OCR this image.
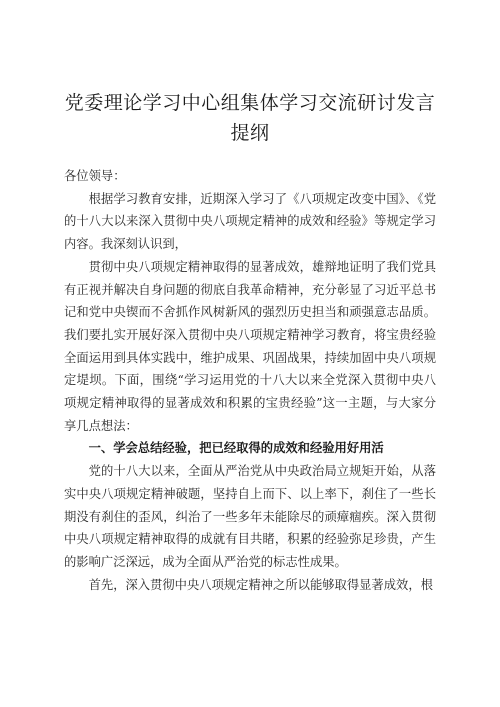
党委理论学习中心组集体学习交流研讨发言提纲

各位领导：

根据学习教育安排，近期深入学习了《八项规定改变中国》、《党的十八大以来深入贯彻中央八项规定精神的成效和经验》等规定学习内容。我深刻认识到，

贯彻中央八项规定精神取得的显著成效，雄辩地证明了我们党具有正视并解决自身问题的彻底自我革命精神，充分彰显了习近平总书记和党中央锲而不舍抓作风树新风的强烈历史担当和顽强意志品质。我们要扎实开展好深入贯彻中央八项规定精神学习教育，将宝贵经验全面运用到具体实践中，维护成果、巩固战果，持续加固中央八项规定堤坝。下面，围绕“学习运用党的十八大以来全党深入贯彻中央八项规定精神取得的显著成效和积累的宝贵经验”这一主题，与大家分享几点想法：

一、学会总结经验，把已经取得的成效和经验用好用活

党的十八大以来，全面从严治党从中央政治局立规矩开始，从落实中央八项规定精神破题，坚持自上而下、以上率下，刹住了一些长期没有刹住的歪风，纠治了一些多年未能除尽的顽瘴痼疾。深入贯彻中央八项规定精神取得的成就有目共睹，积累的经验弥足珍贵，产生的影响广泛深远，成为全面从严治党的标志性成果。

首先，深入贯彻中央八项规定精神之所以能够取得显著成效，根
